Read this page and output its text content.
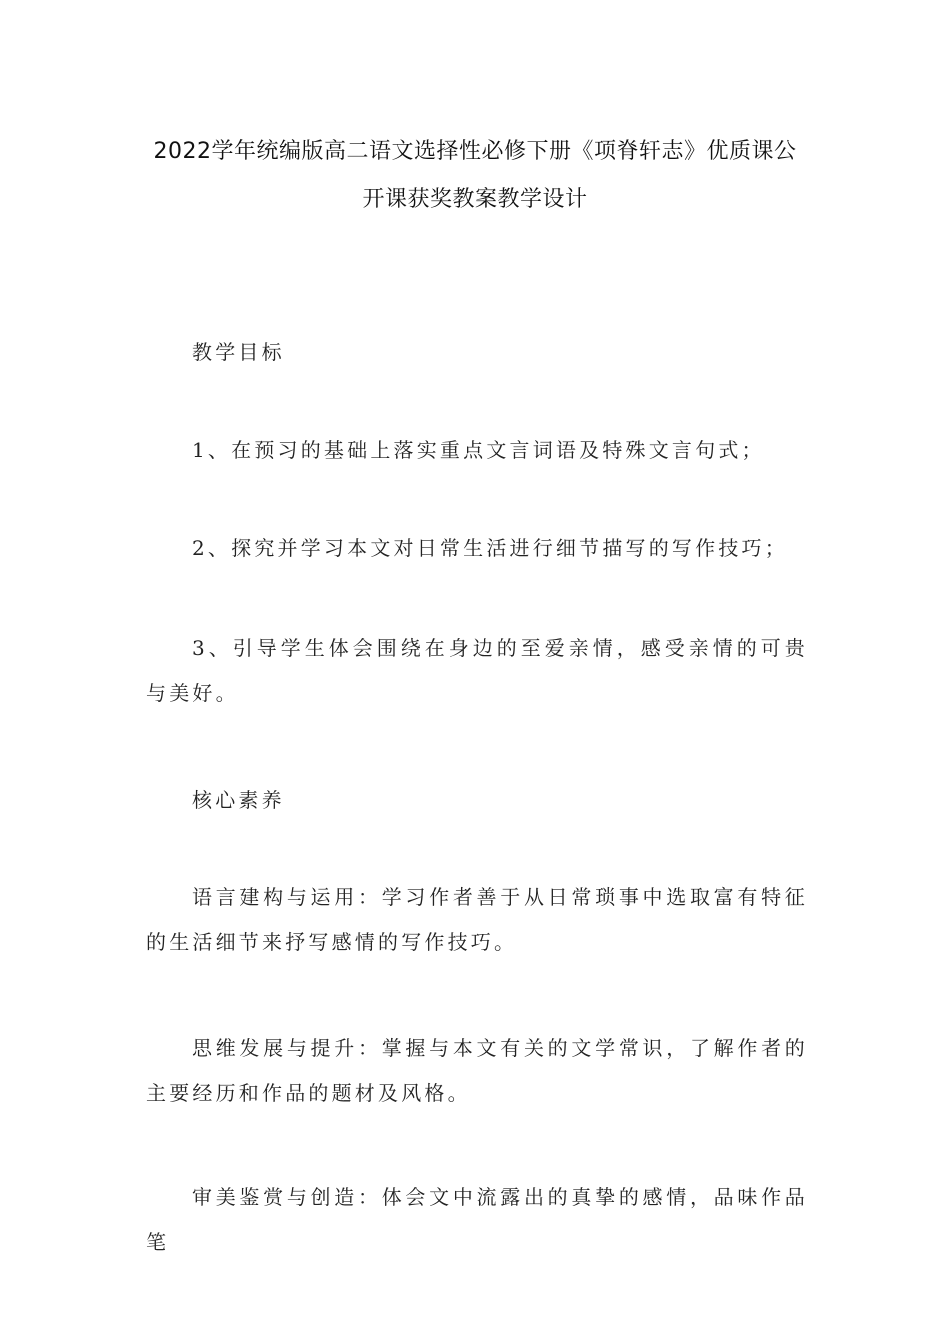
2022学年统编版高二语文选择性必修下册《项脊轩志》优质课公
开课获奖教案教学设计

教学目标

1、在预习的基础上落实重点文言词语及特殊文言句式；

2、探究并学习本文对日常生活进行细节描写的写作技巧；

3、引导学生体会围绕在身边的至爱亲情，感受亲情的可贵与美好。

核心素养

语言建构与运用：学习作者善于从日常琐事中选取富有特征的生活细节来抒写感情的写作技巧。

思维发展与提升：掌握与本文有关的文学常识，了解作者的主要经历和作品的题材及风格。

审美鉴赏与创造：体会文中流露出的真挚的感情，品味作品笔
